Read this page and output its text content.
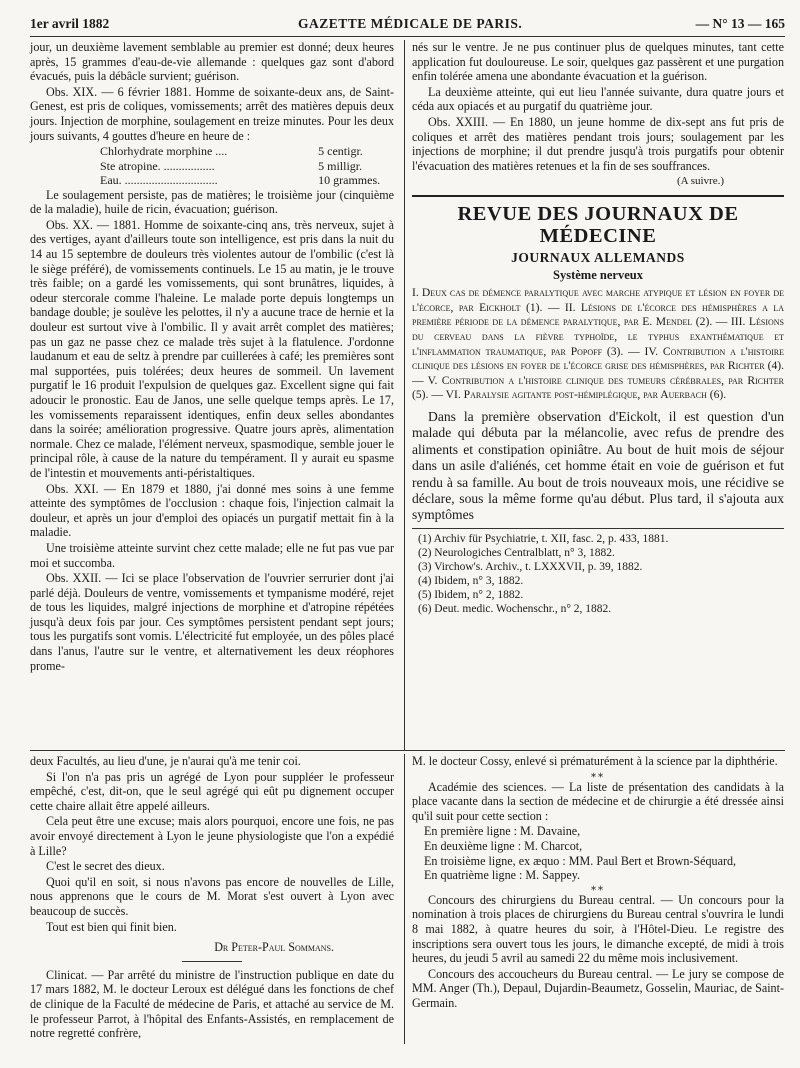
1er avril 1882	GAZETTE MÉDICALE DE PARIS.	— N° 13 — 165

jour, un deuxième lavement semblable au premier est donné; deux heures après, 15 grammes d'eau-de-vie allemande : quelques gaz sont d'abord évacués, puis la débâcle survient; guérison.

Obs. XIX. — 6 février 1881. Homme de soixante-deux ans, de Saint-Genest, est pris de coliques, vomissements; arrêt des matières depuis deux jours. Injection de morphine, soulagement en treize minutes. Pour les deux jours suivants, 4 gouttes d'heure en heure de :

Chlorhydrate morphine ....	5 centigr.
Ste atropine. .................	5 milligr.
Eau. ...............................	10 grammes.

Le soulagement persiste, pas de matières; le troisième jour (cinquième de la maladie), huile de ricin, évacuation; guérison.

Obs. XX. — 1881. Homme de soixante-cinq ans, très nerveux, sujet à des vertiges, ayant d'ailleurs toute son intelligence, est pris dans la nuit du 14 au 15 septembre de douleurs très violentes autour de l'ombilic (c'est là le siège préféré), de vomissements continuels. Le 15 au matin, je le trouve très faible; on a gardé les vomissements, qui sont brunâtres, liquides, à odeur stercorale comme l'haleine. Le malade porte depuis longtemps un bandage double; je soulève les pelottes, il n'y a aucune trace de hernie et la douleur est surtout vive à l'ombilic. Il y avait arrêt complet des matières; pas un gaz ne passe chez ce malade très sujet à la flatulence. J'ordonne laudanum et eau de seltz à prendre par cuillerées à café; les premières sont mal supportées, puis tolérées; deux heures de sommeil. Un lavement purgatif le 16 produit l'expulsion de quelques gaz. Excellent signe qui fait adoucir le pronostic. Eau de Janos, une selle quelque temps après. Le 17, les vomissements reparaissent identiques, enfin deux selles abondantes dans la soirée; amélioration progressive. Quatre jours après, alimentation normale. Chez ce malade, l'élément nerveux, spasmodique, semble jouer le principal rôle, à cause de la nature du tempérament. Il y aurait eu spasme de l'intestin et mouvements anti-péristaltiques.

Obs. XXI. — En 1879 et 1880, j'ai donné mes soins à une femme atteinte des symptômes de l'occlusion : chaque fois, l'injection calmait la douleur, et après un jour d'emploi des opiacés un purgatif mettait fin à la maladie.

Une troisième atteinte survint chez cette malade; elle ne fut pas vue par moi et succomba.

Obs. XXII. — Ici se place l'observation de l'ouvrier serrurier dont j'ai parlé déjà. Douleurs de ventre, vomissements et tympanisme modéré, rejet de tous les liquides, malgré injections de morphine et d'atropine répétées jusqu'à deux fois par jour. Ces symptômes persistent pendant sept jours; tous les purgatifs sont vomis. L'électricité fut employée, un des pôles placé dans l'anus, l'autre sur le ventre, et alternativement les deux réophores prome-

nés sur le ventre. Je ne pus continuer plus de quelques minutes, tant cette application fut douloureuse. Le soir, quelques gaz passèrent et une purgation enfin tolérée amena une abondante évacuation et la guérison.

La deuxième atteinte, qui eut lieu l'année suivante, dura quatre jours et céda aux opiacés et au purgatif du quatrième jour.

Obs. XXIII. — En 1880, un jeune homme de dix-sept ans fut pris de coliques et arrêt des matières pendant trois jours; soulagement par les injections de morphine; il dut prendre jusqu'à trois purgatifs pour obtenir l'évacuation des matières retenues et la fin de ses souffrances.

(A suivre.)
REVUE DES JOURNAUX DE MÉDECINE
JOURNAUX ALLEMANDS
Système nerveux

I. Deux cas de démence paralytique avec marche atypique et lésion en foyer de l'écorce, par Eickholt (1). — II. Lésions de l'écorce des hémisphères a la première période de la démence paralytique, par E. Mendel (2). — III. Lésions du cerveau dans la fièvre typhoïde, le typhus exanthématique et l'inflammation traumatique, par Popoff (3). — IV. Contribution a l'histoire clinique des lésions en foyer de l'écorce grise des hémisphères, par Richter (4). — V. Contribution a l'histoire clinique des tumeurs cérébrales, par Richter (5). — VI. Paralysie agitante post-hémiplégique, par Auerbach (6).

Dans la première observation d'Eickolt, il est question d'un malade qui débuta par la mélancolie, avec refus de prendre des aliments et constipation opiniâtre. Au bout de huit mois de séjour dans un asile d'aliénés, cet homme était en voie de guérison et fut rendu à sa famille. Au bout de trois nouveaux mois, une récidive se déclare, sous la même forme qu'au début. Plus tard, il s'ajouta aux symptômes

(1) Archiv für Psychiatrie, t. XII, fasc. 2, p. 433, 1881.
(2) Neurologiches Centralblatt, n° 3, 1882.
(3) Virchow's. Archiv., t. LXXXVII, p. 39, 1882.
(4) Ibidem, n° 3, 1882.
(5) Ibidem, n° 2, 1882.
(6) Deut. medic. Wochenschr., n° 2, 1882.

deux Facultés, au lieu d'une, je n'aurai qu'à me tenir coi.

Si l'on n'a pas pris un agrégé de Lyon pour suppléer le professeur empêché, c'est, dit-on, que le seul agrégé qui eût pu dignement occuper cette chaire allait être appelé ailleurs.

Cela peut être une excuse; mais alors pourquoi, encore une fois, ne pas avoir envoyé directement à Lyon le jeune physiologiste que l'on a expédié à Lille?

C'est le secret des dieux.

Quoi qu'il en soit, si nous n'avons pas encore de nouvelles de Lille, nous apprenons que le cours de M. Morat s'est ouvert à Lyon avec beaucoup de succès.

Tout est bien qui finit bien.

Dr Peter-Paul Sommans.

Clinicat. — Par arrêté du ministre de l'instruction publique en date du 17 mars 1882, M. le docteur Leroux est délégué dans les fonctions de chef de clinique de la Faculté de médecine de Paris, et attaché au service de M. le professeur Parrot, à l'hôpital des Enfants-Assistés, en remplacement de notre regretté confrère,

M. le docteur Cossy, enlevé si prématurément à la science par la diphthérie.

⁎⁎

Académie des sciences. — La liste de présentation des candidats à la place vacante dans la section de médecine et de chirurgie a été dressée ainsi qu'il suit pour cette section :

En première ligne : M. Davaine,

En deuxième ligne : M. Charcot,

En troisième ligne, ex æquo : MM. Paul Bert et Brown-Séquard,

En quatrième ligne : M. Sappey.

⁎⁎

Concours des chirurgiens du Bureau central. — Un concours pour la nomination à trois places de chirurgiens du Bureau central s'ouvrira le lundi 8 mai 1882, à quatre heures du soir, à l'Hôtel-Dieu. Le registre des inscriptions sera ouvert tous les jours, le dimanche excepté, de midi à trois heures, du jeudi 5 avril au samedi 22 du même mois inclusivement.

Concours des accoucheurs du Bureau central. — Le jury se compose de MM. Anger (Th.), Depaul, Dujardin-Beaumetz, Gosselin, Mauriac, de Saint-Germain.
